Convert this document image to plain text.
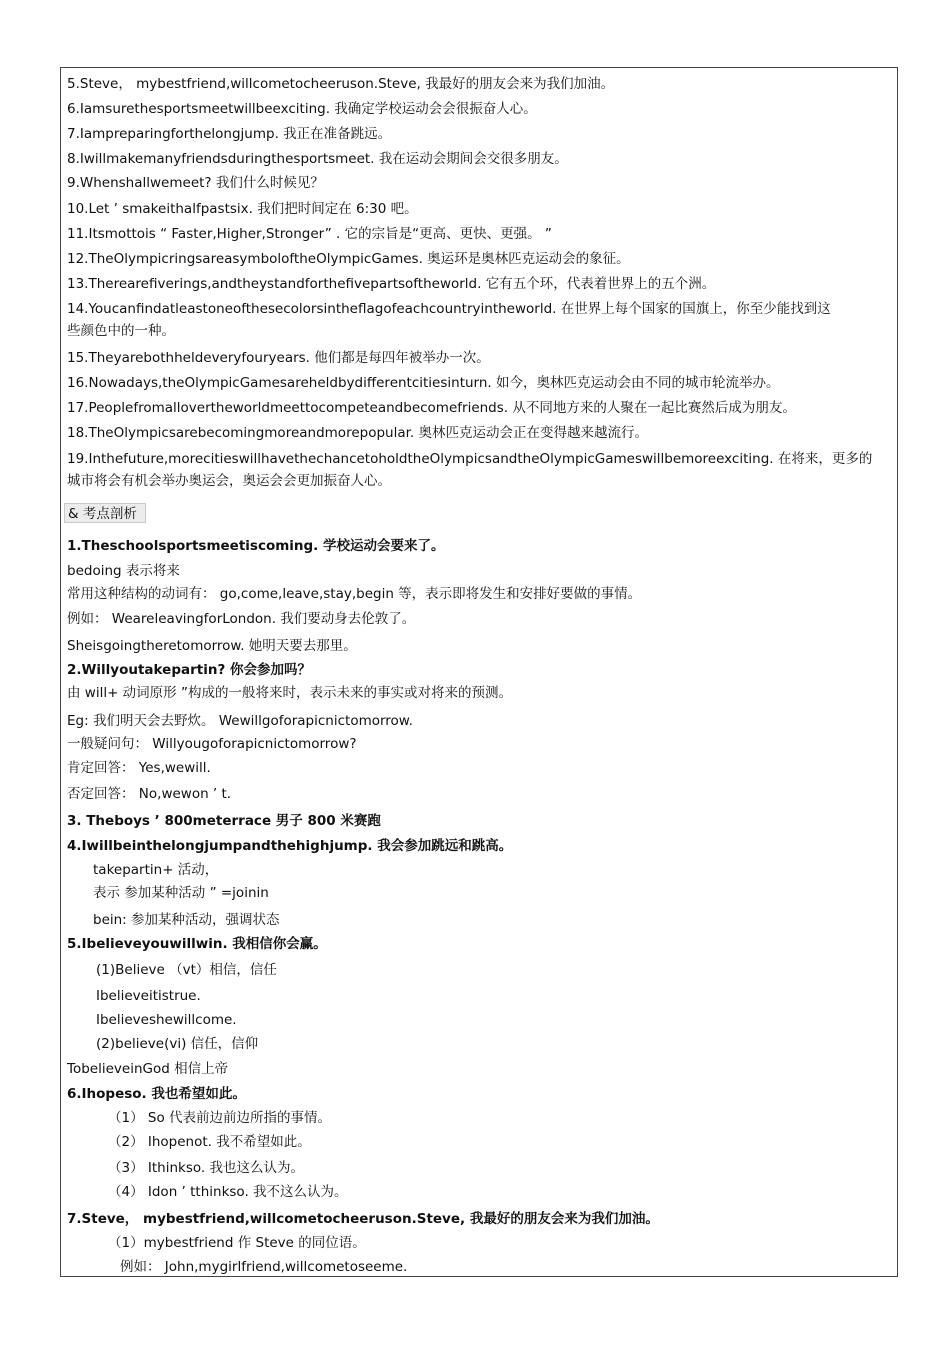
5.Steve， mybestfriend,willcometocheeruson.Steve, 我最好的朋友会来为我们加油。
6.Iamsurethesportsmeetwillbeexciting. 我确定学校运动会会很振奋人心。
7.Iampreparingforthelongjump. 我正在准备跳远。
8.Iwillmakemanyfriendsduringthesportsmeet. 我在运动会期间会交很多朋友。
9.Whenshallwemeet? 我们什么时候见？
10.Let ’ smakeithalfpastsix. 我们把时间定在 6:30 吧。
11.Itsmottois “ Faster,Higher,Stronger” . 它的宗旨是“更高、更快、更强。 ”
12.TheOlympicringsareasymboloftheOlympicGames. 奥运环是奥林匹克运动会的象征。
13.Therearefiverings,andtheystandforthefivepartsoftheworld. 它有五个环，代表着世界上的五个洲。
14.Youcanfindatleastoneofthesecolorsintheflagofeachcountryintheworld. 在世界上每个国家的国旗上，你至少能找到这
些颜色中的一种。
15.Theyarebothheldeveryfouryears. 他们都是每四年被举办一次。
16.Nowadays,theOlympicGamesareheldbydifferentcitiesinturn. 如今，奥林匹克运动会由不同的城市轮流举办。
17.Peoplefromallovertheworldmeettocompeteandbecomefriends. 从不同地方来的人聚在一起比赛然后成为朋友。
18.TheOlympicsarebecomingmoreandmorepopular. 奥林匹克运动会正在变得越来越流行。
19.Inthefuture,morecitieswillhavethechancetoholdtheOlympicsandtheOlympicGameswillbemoreexciting. 在将来，更多的
城市将会有机会举办奥运会，奥运会会更加振奋人心。
& 考点剖析
1.Theschoolsportsmeetiscoming. 学校运动会要来了。
bedoing 表示将来
常用这种结构的动词有： go,come,leave,stay,begin 等，表示即将发生和安排好要做的事情。
例如： WeareleavingforLondon. 我们要动身去伦敦了。
Sheisgoingtheretomorrow. 她明天要去那里。
2.Willyoutakepartin? 你会参加吗？
由 will+ 动词原形 ”构成的一般将来时，表示未来的事实或对将来的预测。
Eg: 我们明天会去野炊。 Wewillgoforapicnictomorrow.
一般疑问句： Willyougoforapicnictomorrow?
肯定回答： Yes,wewill.
否定回答： No,wewon ’ t.
3. Theboys ’ 800meterrace 男子 800 米赛跑
4.Iwillbeinthelongjumpandthehighjump. 我会参加跳远和跳高。
takepartin+ 活动，
表示 参加某种活动 ” =joinin
bein: 参加某种活动，强调状态
5.Ibelieveyouwillwin. 我相信你会赢。
(1)Believe （vt）相信，信任
Ibelieveitistrue.
Ibelieveshewillcome.
(2)believe(vi) 信任，信仰
TobelieveinGod 相信上帝
6.Ihopeso. 我也希望如此。
（1） So 代表前边前边所指的事情。
（2） Ihopenot. 我不希望如此。
（3） Ithinkso. 我也这么认为。
（4） Idon ’ tthinkso. 我不这么认为。
7.Steve， mybestfriend,willcometocheeruson.Steve, 我最好的朋友会来为我们加油。
（1）mybestfriend 作 Steve 的同位语。
例如： John,mygirlfriend,willcometoseeme.
